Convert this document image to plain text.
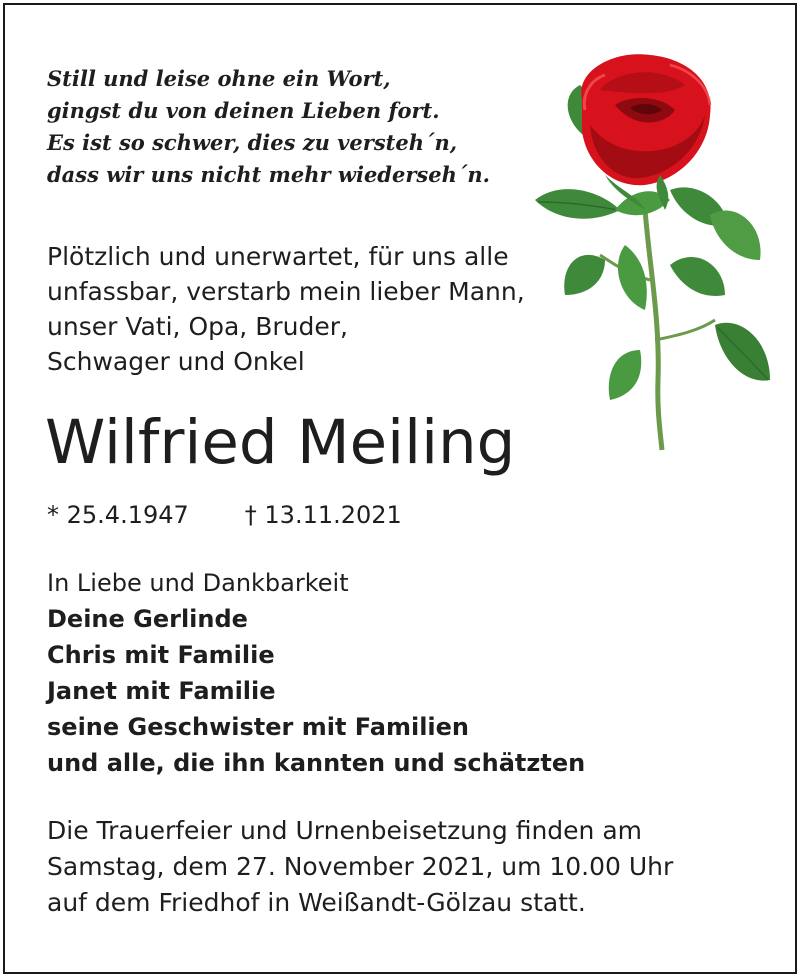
Still und leise ohne ein Wort,
gingst du von deinen Lieben fort.
Es ist so schwer, dies zu versteh´n,
dass wir uns nicht mehr wiederseh´n.
Plötzlich und unerwartet, für uns alle
unfassbar, verstarb mein lieber Mann,
unser Vati, Opa, Bruder,
Schwager und Onkel
Wilfried Meiling
* 25.4.1947 † 13.11.2021
In Liebe und Dankbarkeit
Deine Gerlinde
Chris mit Familie
Janet mit Familie
seine Geschwister mit Familien
und alle, die ihn kannten und schätzten
Die Trauerfeier und Urnenbeisetzung finden am
Samstag, dem 27. November 2021, um 10.00 Uhr
auf dem Friedhof in Weißandt-Gölzau statt.
